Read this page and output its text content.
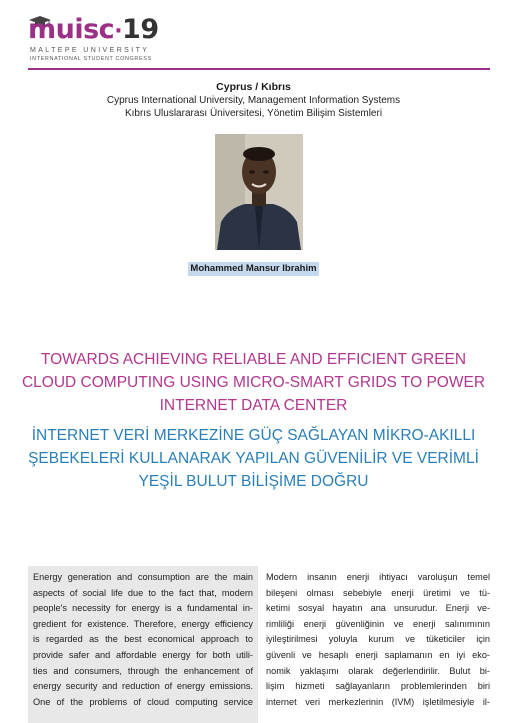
muisc·19
MALTEPE UNIVERSITY
INTERNATIONAL STUDENT CONGRESS
Cyprus / Kıbrıs
Cyprus International University, Management Information Systems
Kıbrıs Uluslararası Üniversitesi, Yönetim Bilişim Sistemleri
Mohammed Mansur Ibrahim
TOWARDS ACHIEVING RELIABLE AND EFFICIENT GREEN
CLOUD COMPUTING USING MICRO-SMART GRIDS TO POWER
INTERNET DATA CENTER
İNTERNET VERİ MERKEZİNE GÜÇ SAĞLAYAN MİKRO-AKILLI
ŞEBEKELERİ KULLANARAK YAPILAN GÜVENİLİR VE VERİMLİ
YEŞİL BULUT BİLİŞİME DOĞRU
Energy generation and consumption are the main
aspects of social life due to the fact that, modern
people's necessity for energy is a fundamental in-
gredient for existence. Therefore, energy efficiency
is regarded as the best economical approach to
provide safer and affordable energy for both utili-
ties and consumers, through the enhancement of
energy security and reduction of energy emissions.
One of the problems of cloud computing service
Modern insanın enerji ihtiyacı varoluşun temel
bileşeni olması sebebiyle enerji üretimi ve tü-
ketimi sosyal hayatın ana unsurudur. Enerji ve-
rimliliği enerji güvenliğinin ve enerji salınımının
iyileştirilmesi yoluyla kurum ve tüketiciler için
güvenli ve hesaplı enerji saplamanın en iyi eko-
nomik yaklaşımı olarak değerlendirilir. Bulut bi-
lişim hizmeti sağlayanların problemlerinden biri
internet veri merkezlerinin (IVM) işletilmesiyle il-
